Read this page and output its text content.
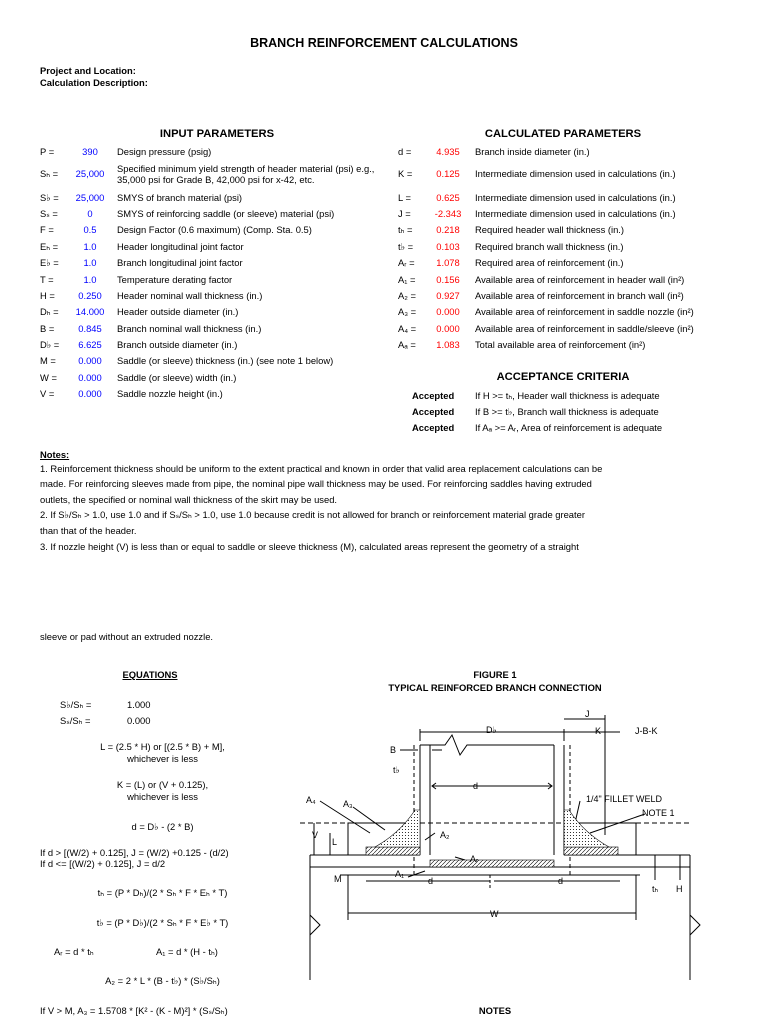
BRANCH REINFORCEMENT CALCULATIONS
Project and Location:
Calculation Description:
INPUT PARAMETERS	CALCULATED PARAMETERS
P =	390	Design pressure (psig)
Sₕ =	25,000	Specified minimum yield strength of header material (psi) e.g., 35,000 psi for Grade B, 42,000 psi for x-42, etc.
S♭ =	25,000	SMYS of branch material (psi)
Sₛ =	0	SMYS of reinforcing saddle (or sleeve) material (psi)
F =	0.5	Design Factor (0.6 maximum) (Comp. Sta. 0.5)
Eₕ =	1.0	Header longitudinal joint factor
E♭ =	1.0	Branch longitudinal joint factor
T =	1.0	Temperature derating factor
H =	0.250	Header nominal wall thickness (in.)
Dₕ =	14.000	Header outside diameter (in.)
B =	0.845	Branch nominal wall thickness (in.)
D♭ =	6.625	Branch outside diameter (in.)
M =	0.000	Saddle (or sleeve) thickness (in.) (see note 1 below)
W =	0.000	Saddle (or sleeve) width (in.)
V =	0.000	Saddle nozzle height (in.)
d =	4.935	Branch inside diameter (in.)
K =	0.125	Intermediate dimension used in calculations (in.)
L =	0.625	Intermediate dimension used in calculations (in.)
J =	-2.343	Intermediate dimension used in calculations (in.)
tₕ =	0.218	Required header wall thickness (in.)
t♭ =	0.103	Required branch wall thickness (in.)
Aᵣ =	1.078	Required area of reinforcement (in.)
A₁ =	0.156	Available area of reinforcement in header wall (in²)
A₂ =	0.927	Available area of reinforcement in branch wall (in²)
A₃ =	0.000	Available area of reinforcement in saddle nozzle (in²)
A₄ =	0.000	Available area of reinforcement in saddle/sleeve (in²)
Aₐ =	1.083	Total available area of reinforcement (in²)
ACCEPTANCE CRITERIA
Accepted If H >= tₕ, Header wall thickness is adequate
Accepted If B >= t♭, Branch wall thickness is adequate
Accepted If Aₐ >= Aᵣ, Area of reinforcement is adequate
Notes:
1. Reinforcement thickness should be uniform to the extent practical and known in order that valid area replacement calculations can be
made. For reinforcing sleeves made from pipe, the nominal pipe wall thickness may be used. For reinforcing saddles having extruded
outlets, the specified or nominal wall thickness of the skirt may be used.
2. If S♭/Sₕ > 1.0, use 1.0 and if Sₛ/Sₕ > 1.0, use 1.0 because credit is not allowed for branch or reinforcement material grade greater
than that of the header.
3. If nozzle height (V) is less than or equal to saddle or sleeve thickness (M), calculated areas represent the geometry of a straight
sleeve or pad without an extruded nozzle.
EQUATIONS
S♭/Sₕ =	1.000
Sₛ/Sₕ =	0.000
L = (2.5 * H) or [(2.5 * B) + M],
whichever is less
K = (L) or (V + 0.125),
whichever is less
d = D♭ - (2 * B)
If d > [(W/2) + 0.125], J = (W/2) +0.125 - (d/2)
If d <= [(W/2) + 0.125], J = d/2
tₕ = (P * Dₕ)/(2 * Sₕ * F * Eₕ * T)
t♭ = (P * D♭)/(2 * Sₕ * F * E♭ * T)
Aᵣ = d * tₕ	A₁ = d * (H - tₕ)
A₂ = 2 * L * (B - t♭) * (S♭/Sₕ)
If V > M, A₃ = 1.5708 * [K² - (K - M)²] * (Sₛ/Sₕ)
FIGURE 1
TYPICAL REINFORCED BRANCH CONNECTION
NOTES
D♭
J
K	J-B-K
B
t♭
d
A₄	A₃
A₂
Aᵣ
A₁
V
L
M	d	d
W
tₕ H
1/4" FILLET WELD
NOTE 1
